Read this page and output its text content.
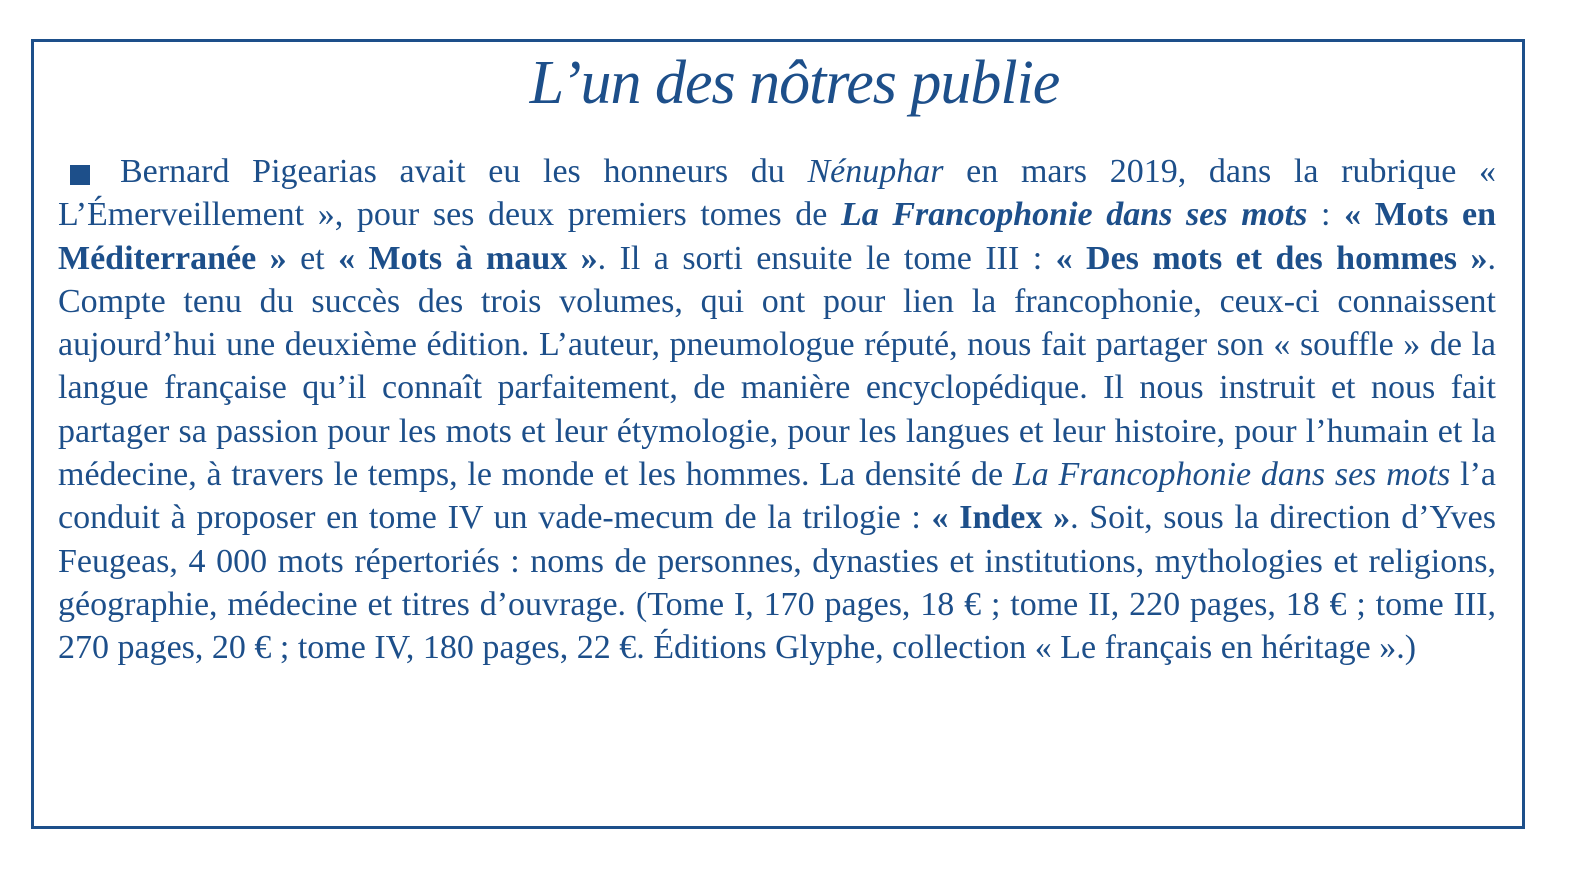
L’un des nôtres publie

Bernard Pigearias avait eu les honneurs du Nénuphar en mars 2019, dans la rubrique « L’Émerveillement », pour ses deux premiers tomes de La Francophonie dans ses mots : « Mots en Méditerranée » et « Mots à maux ». Il a sorti ensuite le tome III : « Des mots et des hommes ». Compte tenu du succès des trois volumes, qui ont pour lien la francophonie, ceux-ci connaissent aujourd’hui une deuxième édition. L’auteur, pneumologue réputé, nous fait partager son « souffle » de la langue française qu’il connaît parfaitement, de manière encyclopédique. Il nous instruit et nous fait partager sa passion pour les mots et leur étymologie, pour les langues et leur histoire, pour l’humain et la médecine, à travers le temps, le monde et les hommes. La densité de La Francophonie dans ses mots l’a conduit à proposer en tome IV un vade-mecum de la trilogie : « Index ». Soit, sous la direction d’Yves Feugeas, 4 000 mots répertoriés : noms de personnes, dynasties et institutions, mythologies et religions, géographie, médecine et titres d’ouvrage. (Tome I, 170 pages, 18 € ; tome II, 220 pages, 18 € ; tome III, 270 pages, 20 € ; tome IV, 180 pages, 22 €. Éditions Glyphe, collection « Le français en héritage ».)
